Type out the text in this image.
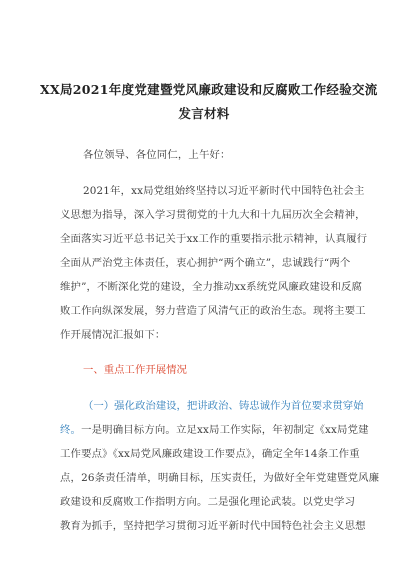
XX局2021年度党建暨党风廉政建设和反腐败工作经验交流
发言材料
各位领导、各位同仁，上午好：
2021年，xx局党组始终坚持以习近平新时代中国特色社会主
义思想为指导，深入学习贯彻党的十九大和十九届历次全会精神，
全面落实习近平总书记关于xx工作的重要指示批示精神，认真履行
全面从严治党主体责任，衷心拥护“两个确立”，忠诚践行“两个
维护”，不断深化党的建设，全力推动xx系统党风廉政建设和反腐
败工作向纵深发展，努力营造了风清气正的政治生态。现将主要工
作开展情况汇报如下：
一、重点工作开展情况
（一）强化政治建设，把讲政治、铸忠诚作为首位要求贯穿始
终。一是明确目标方向。立足xx局工作实际，年初制定《xx局党建
工作要点》《xx局党风廉政建设工作要点》，确定全年14条工作重
点，26条责任清单，明确目标，压实责任，为做好全年党建暨党风廉
政建设和反腐败工作指明方向。二是强化理论武装。以党史学习
教育为抓手，坚持把学习贯彻习近平新时代中国特色社会主义思想
